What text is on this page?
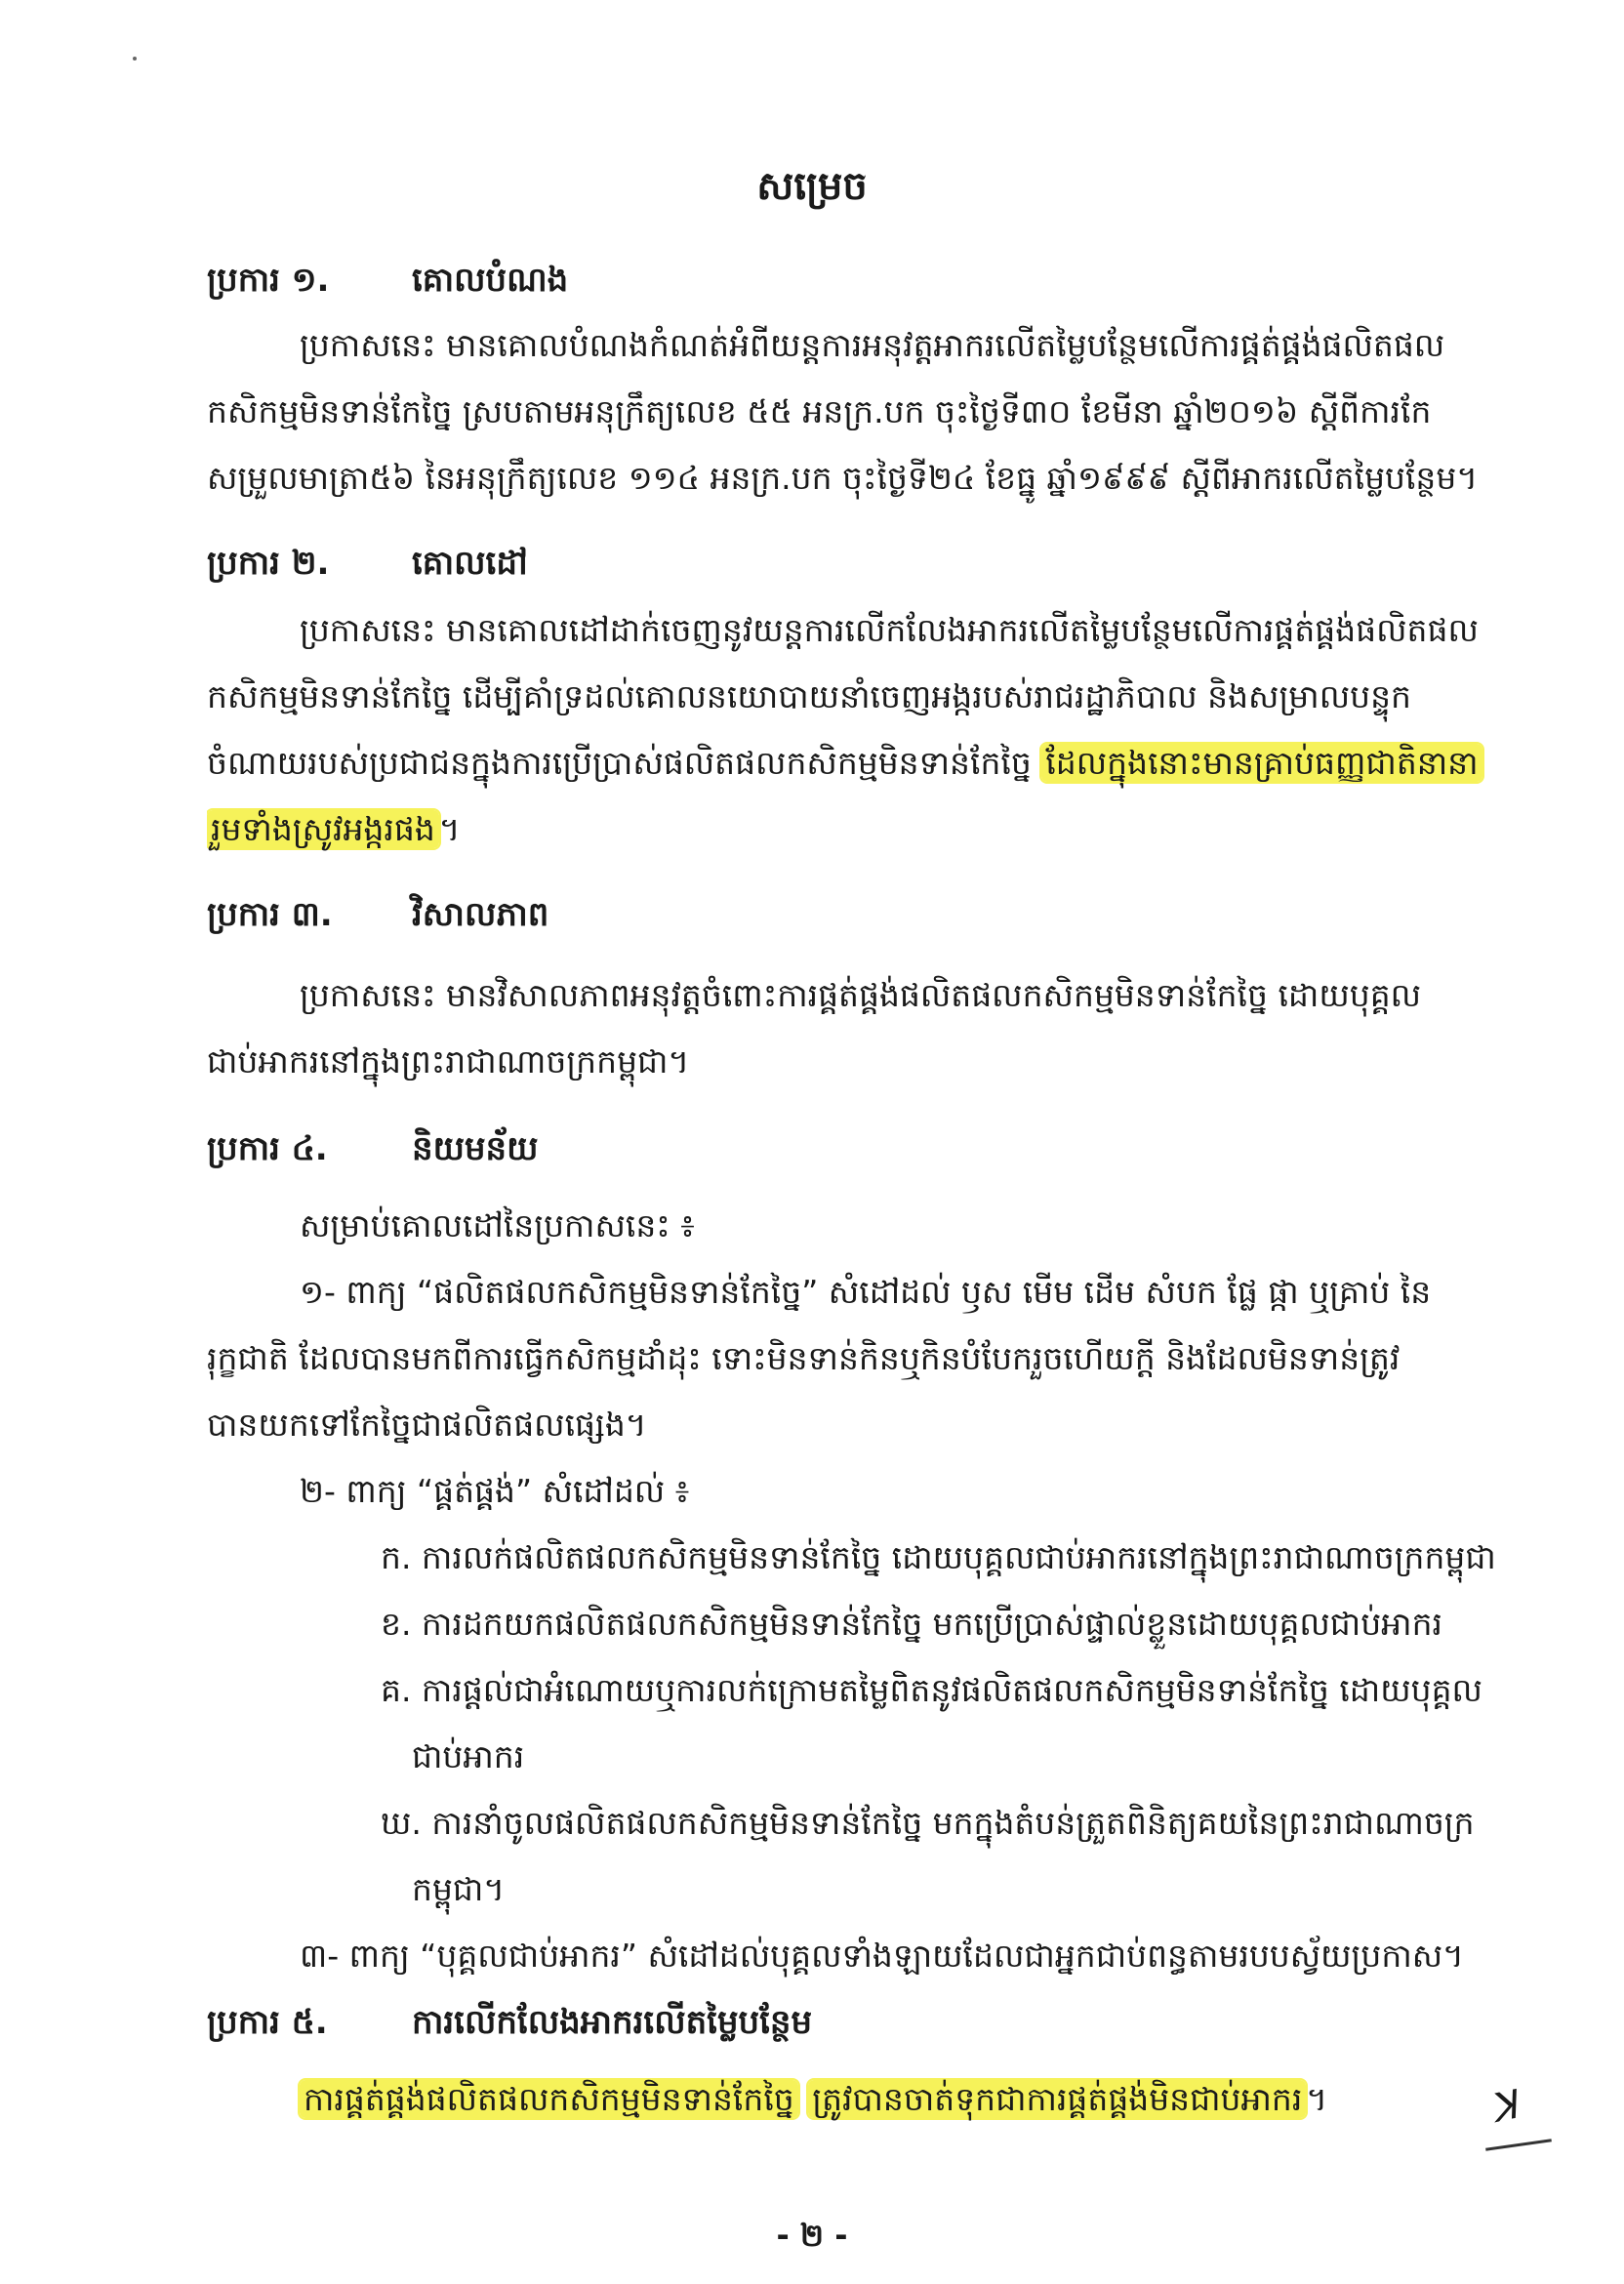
សម្រេច
ប្រការ ១. គោលបំណង
ប្រកាសនេះ មានគោលបំណងកំណត់អំពីយន្តការអនុវត្តអាករលើតម្លៃបន្ថែមលើការផ្គត់ផ្គង់ផលិតផល
កសិកម្មមិនទាន់កែច្នៃ ស្របតាមអនុក្រឹត្យលេខ ៥៥ អនក្រ.បក ចុះថ្ងៃទី៣០ ខែមីនា ឆ្នាំ២០១៦ ស្តីពីការកែ
សម្រួលមាត្រា៥៦ នៃអនុក្រឹត្យលេខ ១១៤ អនក្រ.បក ចុះថ្ងៃទី២៤ ខែធ្នូ ឆ្នាំ១៩៩៩ ស្តីពីអាករលើតម្លៃបន្ថែម។
ប្រការ ២. គោលដៅ
ប្រកាសនេះ មានគោលដៅដាក់ចេញនូវយន្តការលើកលែងអាករលើតម្លៃបន្ថែមលើការផ្គត់ផ្គង់ផលិតផល
កសិកម្មមិនទាន់កែច្នៃ ដើម្បីគាំទ្រដល់គោលនយោបាយនាំចេញអង្ករបស់រាជរដ្ឋាភិបាល និងសម្រាលបន្ទុក
ចំណាយរបស់ប្រជាជនក្នុងការប្រើប្រាស់ផលិតផលកសិកម្មមិនទាន់កែច្នៃ ដែលក្នុងនោះមានគ្រាប់ធញ្ញជាតិនានា
រួមទាំងស្រូវអង្ករផង ។
ប្រការ ៣. វិសាលភាព
ប្រកាសនេះ មានវិសាលភាពអនុវត្តចំពោះការផ្គត់ផ្គង់ផលិតផលកសិកម្មមិនទាន់កែច្នៃ ដោយបុគ្គល
ជាប់អាករនៅក្នុងព្រះរាជាណាចក្រកម្ពុជា។
ប្រការ ៤.	និយមន័យ
សម្រាប់គោលដៅនៃប្រកាសនេះ ៖
១- ពាក្យ “ផលិតផលកសិកម្មមិនទាន់កែច្នៃ” សំដៅដល់ ឫស មើម ដើម សំបក ផ្លែ ផ្កា ឬគ្រាប់ នៃ
រុក្ខជាតិ ដែលបានមកពីការធ្វើកសិកម្មដាំដុះ ទោះមិនទាន់កិនឬកិនបំបែករួចហើយក្តី និងដែលមិនទាន់ត្រូវ
បានយកទៅកែច្នៃជាផលិតផលផ្សេង។
២- ពាក្យ “ផ្គត់ផ្គង់” សំដៅដល់ ៖
ក. ការលក់ផលិតផលកសិកម្មមិនទាន់កែច្នៃ ដោយបុគ្គលជាប់អាករនៅក្នុងព្រះរាជាណាចក្រកម្ពុជា
ខ. ការដកយកផលិតផលកសិកម្មមិនទាន់កែច្នៃ មកប្រើប្រាស់ផ្ទាល់ខ្លួនដោយបុគ្គលជាប់អាករ
គ. ការផ្តល់ជាអំណោយឬការលក់ក្រោមតម្លៃពិតនូវផលិតផលកសិកម្មមិនទាន់កែច្នៃ ដោយបុគ្គល
ជាប់អាករ
ឃ. ការនាំចូលផលិតផលកសិកម្មមិនទាន់កែច្នៃ មកក្នុងតំបន់ត្រួតពិនិត្យគយនៃព្រះរាជាណាចក្រ
កម្ពុជា។
៣- ពាក្យ “បុគ្គលជាប់អាករ” សំដៅដល់បុគ្គលទាំងឡាយដែលជាអ្នកជាប់ពន្ធតាមរបបស្វ័យប្រកាស។
ប្រការ ៥.	ការលើកលែងអាករលើតម្លៃបន្ថែម
ការផ្គត់ផ្គង់ផលិតផលកសិកម្មមិនទាន់កែច្នៃ ត្រូវបានចាត់ទុកជាការផ្គត់ផ្គង់មិនជាប់អាករ ។	ꓘ
- ២ -
